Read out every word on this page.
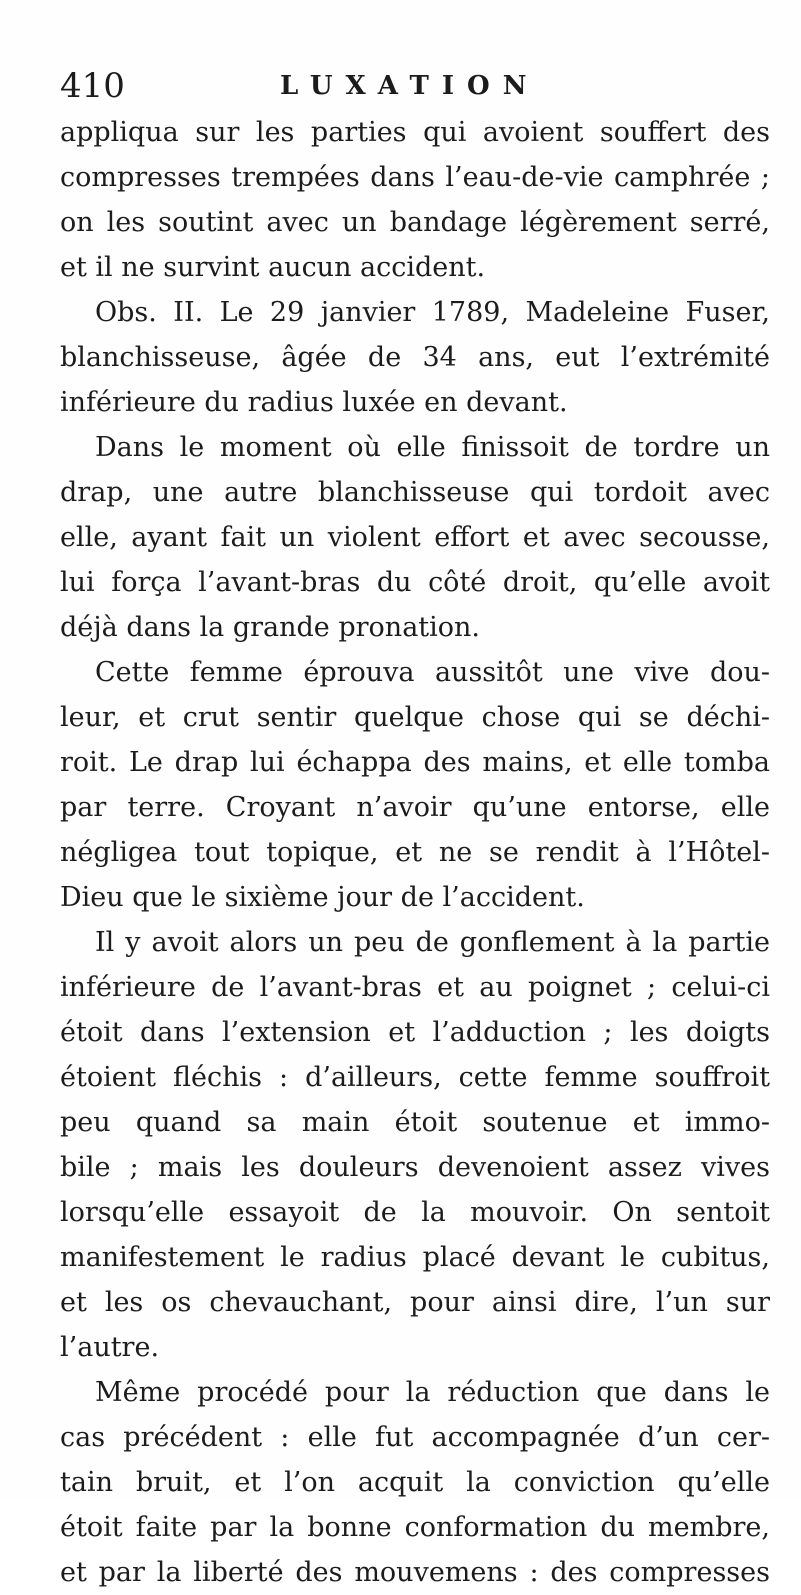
410	LUXATION
appliqua sur les parties qui avoient souffert des
compresses trempées dans l’eau-de-vie camphrée ;
on les soutint avec un bandage légèrement serré,
et il ne survint aucun accident.
Obs. II. Le 29 janvier 1789, Madeleine Fuser,
blanchisseuse, âgée de 34 ans, eut l’extrémité
inférieure du radius luxée en devant.
Dans le moment où elle finissoit de tordre un
drap, une autre blanchisseuse qui tordoit avec
elle, ayant fait un violent effort et avec secousse,
lui força l’avant-bras du côté droit, qu’elle avoit
déjà dans la grande pronation.
Cette femme éprouva aussitôt une vive dou-
leur, et crut sentir quelque chose qui se déchi-
roit. Le drap lui échappa des mains, et elle tomba
par terre. Croyant n’avoir qu’une entorse, elle
négligea tout topique, et ne se rendit à l’Hôtel-
Dieu que le sixième jour de l’accident.
Il y avoit alors un peu de gonflement à la partie
inférieure de l’avant-bras et au poignet ; celui-ci
étoit dans l’extension et l’adduction ; les doigts
étoient fléchis : d’ailleurs, cette femme souffroit
peu quand sa main étoit soutenue et immo-
bile ; mais les douleurs devenoient assez vives
lorsqu’elle essayoit de la mouvoir. On sentoit
manifestement le radius placé devant le cubitus,
et les os chevauchant, pour ainsi dire, l’un sur
l’autre.
Même procédé pour la réduction que dans le
cas précédent : elle fut accompagnée d’un cer-
tain bruit, et l’on acquit la conviction qu’elle
étoit faite par la bonne conformation du membre,
et par la liberté des mouvemens : des compresses
